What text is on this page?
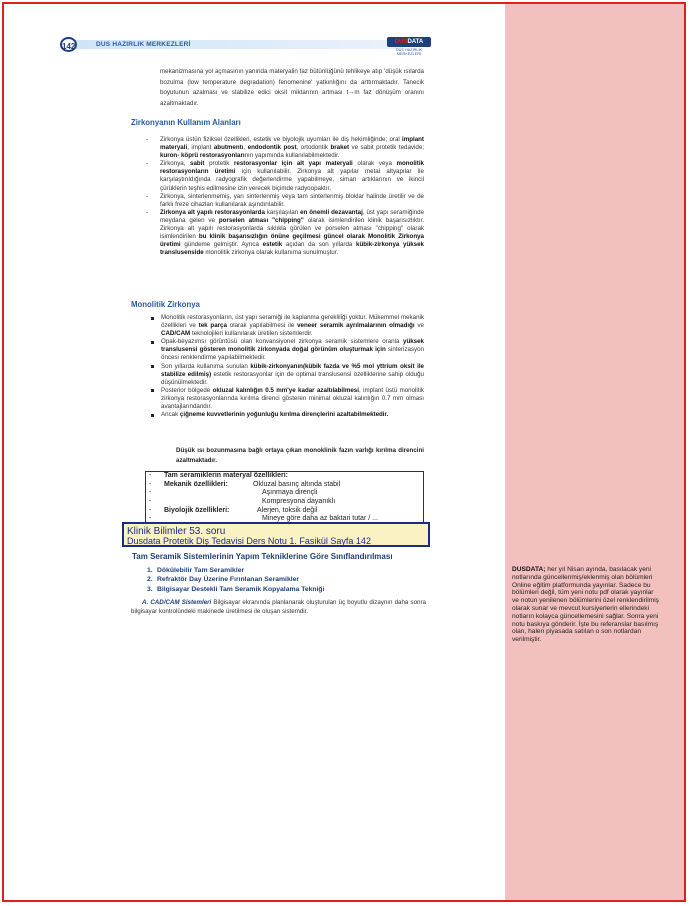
142	DUS HAZIRLIK MERKEZLERİ	DUSDATA
DUS HAZIRLIK MERKEZLERİ

mekanizmasına yol açmasının yanında materyalin faz bütünlüğünü tehlikeye atıp 'düşük ısılarda bozulma (low temperature degradation) fenomenine' yatkınlığını da arttırmaktadır. Tanecik boyutunun azalması ve stabilize edici oksit miktarının artması t→m faz dönüşüm oranını azaltmaktadır.

Zirkonyanın Kullanım Alanları

- Zirkonya üstün fiziksel özellikleri, estetik ve biyolojik uyumları ile diş hekimliğinde; oral implant materyali, implant abutmentı, endodontik post, ortodontik braket ve sabit protetik tedavide; kuron- köprü restorasyonlarının yapımında kullanılabilmektedir.

- Zirkonya, sabit protetik restorasyonlar için alt yapı materyali olarak veya monolitik restorasyonların üretimi için kullanılabilir. Zirkonya alt yapılar metal altyapılar ile karşılaştırıldığında radyografik değerlendirme yapabilmeye, siman artıklarının ve ikincil çürüklerin teşhis edilmesine izin verecek biçimde radyoopaktır.

- Zirkonya, sinterlenmemiş, yarı sinterlenmiş veya tam sinterlenmiş bloklar halinde üretilir ve de farklı freze cihazları kullanılarak aşındırılabilir.

- Zirkonya alt yapılı restorasyonlarda karşılaşılan en önemli dezavantaj, üst yapı seramiğinde meydana gelen ve porselen atması "chipping" olarak isimlendirilen klinik başarısızlıktır. Zirkonya alt yapılı restorasyonlarda sıklıkla görülen ve porselen atması "chipping" olarak isimlendirilen bu klinik başarısızlığın önüne geçilmesi güncel olarak Monolitik Zirkonya üretimi gündeme gelmiştir. Ayrıca estetik açıdan da son yıllarda kübik-zirkonya yüksek translusenside monolitik zirkonya olarak kullanıma sunulmuştur.

Monolitik Zirkonya

Monolitik restorasyonların, üst yapı seramiği ile kaplanma gerekliliği yoktur. Mükemmel mekanik özellikleri ve tek parça olarak yapılabilmesi ile veneer seramik ayrılmalarının olmadığı ve CAD/CAM teknolojileri kullanılarak üretilen sistemlerdir.

Opak-beyazımsı görüntüsü olan konvansiyonel zirkonya seramik sistemlere oranla yüksek translusensi gösteren monolitik zirkonyada doğal görünüm oluşturmak için sinterizasyon öncesi renklendirme yapılabilmektedir.

Son yıllarda kullanıma sunulan kübik-zirkonyanın(kübik fazda ve %5 mol yttrium oksit ile stabilize edilmiş) estetik restorasyonlar için de optimal translusensi özelliklerine sahip olduğu düşünülmektedir.

Posterior bölgede okluzal kalınlığın 0.5 mm'ye kadar azaltılabilmesi, implant üstü monolitik zirkonya restorasyonlarında kırılma direnci gösteren minimal okluzal kalınlığın 0.7 mm olması avantajlarındandır.

Ancak çiğneme kuvvetlerinin yoğunluğu kırılma dirençlerini azaltabilmektedir.

Düşük ısı bozunmasına bağlı ortaya çıkan monoklinik fazın varlığı kırılma direncini azaltmaktadır.

- Tam seramiklerin materyal özellikleri:
- Mekanik özellikleri:	Okluzal basınç altında stabil
-	Aşınmaya dirençli
-	Kompresyona dayanıklı
- Biyolojik özellikleri:	Alerjen, toksik değil
-	Mineye göre daha az baktari tutar / ...
Klinik Bilimler 53. soru
Dusdata Protetik Diş Tedavisi Ders Notu 1. Fasikül Sayfa 142
Tam Seramik Sistemlerinin Yapım Tekniklerine Göre Sınıflandırılması
1. Dökülebilir Tam Seramikler
2. Refraktör Day Üzerine Fırınlanan Seramikler
3. Bilgisayar Destekli Tam Seramik Kopyalama Tekniği

A. CAD/CAM Sistemleri Bilgisayar ekranında planlanarak oluşturulan üç boyutlu dizaynın daha sonra bilgisayar kontrolündeki makinede üretilmesi ile oluşan sistemdir.

DUSDATA; her yıl Nisan ayında, basılacak yeni notlarında güncellenmiş/eklenmiş olan bölümleri Online eğitim platformunda yayınlar. Sadece bu bölümleri değil, tüm yeni notu pdf olarak yayınlar ve notun yenilenen bölümlerini özel renklendirilmiş olarak sunar ve mevcut kursiyerlerin ellerindeki notların kolayca güncellemesini sağlar. Sonra yeni notu baskıya gönderir. İşte bu referanslar basılmış olan, halen piyasada satılan o son notlardan verilmiştir.
